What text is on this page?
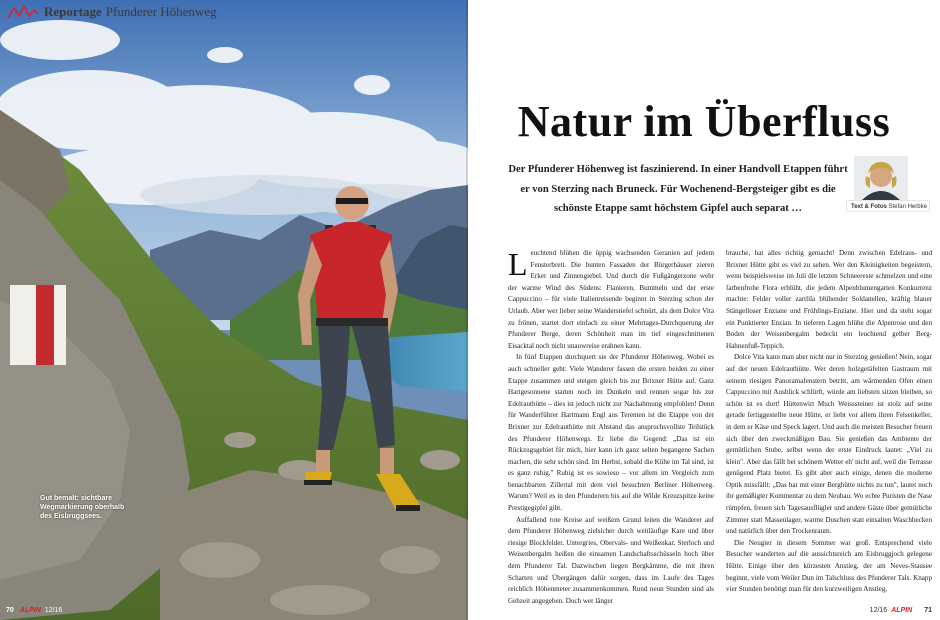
Reportage Pfunderer Höhenweg
Gut bemalt: sichtbare Wegmarkierung oberhalb des Eisbruggsees.
70 ALPIN 12/16
Natur im Überfluss
Der Pfunderer Höhenweg ist faszinierend. In einer Handvoll Etappen führt er von Sterzing nach Bruneck. Für Wochenend-Bergsteiger gibt es die schönste Etappe samt höchstem Gipfel auch separat …	Text & Fotos Stefan Herbke

Leuchtend blühen die üppig wachsenden Geranien auf jedem Fensterbrett. Die bunten Fassaden der Bürgerhäuser zieren Erker und Zinnengiebel. Und durch die Fußgängerzone wehr der warme Wind des Südens: Flanieren, Bummeln und der erste Cappuccino – für viele Italienreisende beginnt in Sterzing schon der Urlaub. Aber wer lieber seine Wanderstiefel schnürt, als dem Dolce Vita zu frönen, startet dort einfach zu einer Mehrtages-Durchquerung der Pfunderer Berge, deren Schönheit man im tief eingeschnittenen Eisacktal noch nicht unauwreise erahnen kann.

In fünf Etappen durchquert sie der Pfunderer Höhenweg. Wobei es auch schneller geht: Viele Wanderer fassen die ersten beiden zu einer Etappe zusammen und steigen gleich bis zur Brixner Hütte auf. Ganz Hartgesonnene starten noch im Dunkeln und rennen sogar bis zur Edelrauthütte – dies ist jedoch nicht zur Nachahmung empfohlen! Denn für Wanderführer Hartmann Engl aus Terenten ist die Etappe von der Brixner zur Edelrauthütte mit Abstand das anspruchsvollste Teilstück des Pfunderer Höhenwegs. Er liebe die Gegend: „Das ist ein Rückzugsgebiet für mich, hier kann ich ganz selten begangene Sachen machen, die sehr schön sind. Im Herbst, sobald die Kühe im Tal sind, ist es ganz ruhig." Ruhig ist es sowieso – vor allem im Vergleich zum benachbarten Zillertal mit dem viel besuchten Berliner Höhenweg. Warum? Weil es in den Pfunderern bis auf die Wilde Kreuzspitze keine Prestigegipfel gibt.

Auffallend rote Kreise auf weißem Grund leiten die Wanderer auf dem Pfunderer Höhenweg zielsicher durch weitläufige Kare und über riesige Blockfelder. Untergries, Obervals- und Weißenkar, Sterloch und Weisenbergalm heißen die einsamen Landschaftsschüsseln hoch über dem Pfunderer Tal. Dazwischen liegen Bergkämme, die mit ihren Scharten und Übergängen dafür sorgen, dass im Laufe des Tages reichlich Höhenmeter zusammenkommen. Rund neun Stunden sind als Gehzeit angegeben. Doch wer länger

brauche, hat alles richtig gemacht! Denn zwischen Edelraus- und Brixner Hütte gibt es viel zu sehen. Wer den Kleinigkeiten begeistern, wenn beispielsweise im Juli die letzten Schneereste schmelzen und eine farbenfrohe Flora erblüht, die jedem Alpenblumengarten Konkurrenz machte: Felder voller zartlila blühender Soldanellen, kräftig blauer Stängelloser Enziane und Frühlings-Enziane. Hier und da steht sogar ein Punktierter Enzian. In tieferen Lagen blühe die Alpenrose und den Boden der Weisenbergalm bedeckt ein leuchtend gelber Berg-Hahnenfuß-Teppich.

Dolce Vita kann man aber nicht nur in Sterzing genießen! Nein, sogar auf der neuen Edelrauthütte. Wer deren holzgetäfelten Gastraum mit seinem riesigen Panoramafenstern betritt, am wärmenden Ofen einen Cappuccino mit Ausblick schlürft, würde am liebsten sitzen bleiben, so schön ist es dort! Hüttenwirt Much Weisssteiner ist stolz auf seine gerade fertiggestellte neue Hütte, er liebt vor allem ihren Felsenkeller, in dem er Käse und Speck lagert. Und auch die meisten Besucher freuen sich über den zweckmäßigen Bau. Sie genießen das Ambiente der gemütlichen Stube, selbst wenn der erste Eindruck lautet: „Viel zu klein". Aber das fällt bei schönem Wetter eh' nicht auf, weil die Terrasse genügend Platz bietet. Es gibt aber auch einige, denen die moderne Optik missfällt: „Das hat mit einer Berghütte nichts zu tun", lautet noch ihr gemäßigter Kommentar zu dem Neubau. Wo echte Puristen die Nase rümpfen, freuen sich Tagesausflügler und andere Gäste über gemütliche Zimmer statt Massenlager, warme Duschen statt einsalten Waschbecken und natürlich über den Trockenraum.

Die Neugier in diesem Sommer war groß. Entsprechend viele Besucher wanderten auf die aussichtsreich am Eisbruggjoch gelegene Hütte. Einige über den kürzesten Anstieg, der am Neves-Stausee beginnt, viele vom Weiler Dun im Talschluss des Pfunderer Tals. Knapp vier Stunden benötigt man für den kurzweiligen Anstieg,

12/16 ALPIN 71
